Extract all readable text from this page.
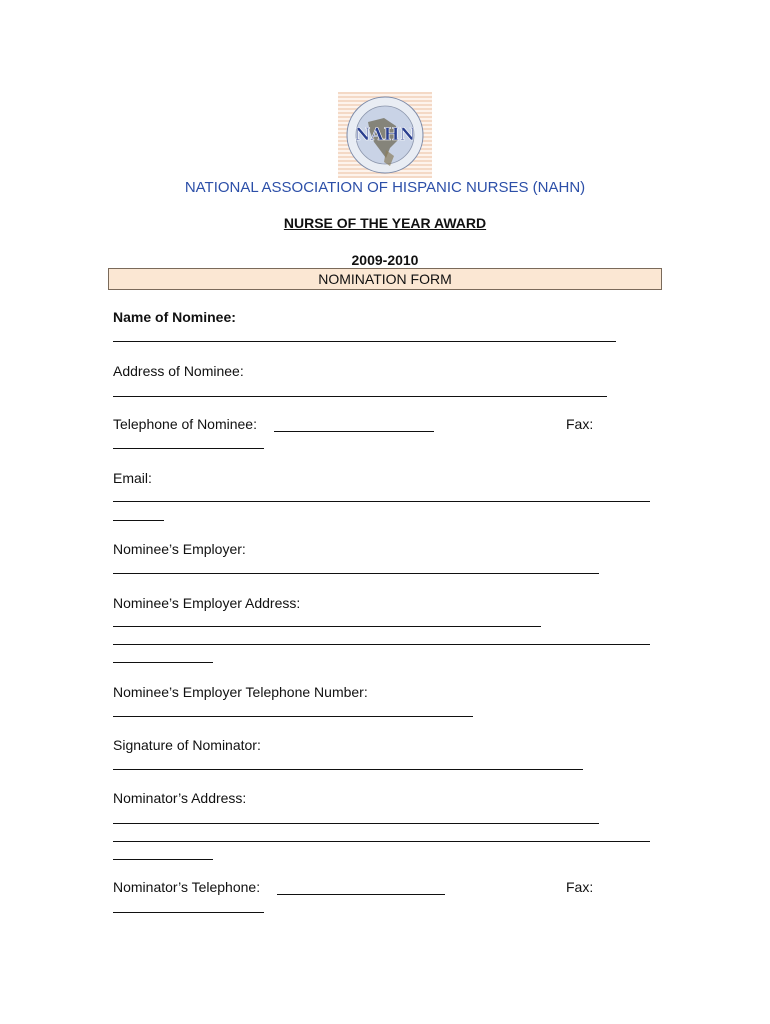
NAHN
NATIONAL ASSOCIATION OF HISPANIC NURSES (NAHN)
NURSE OF THE YEAR AWARD
2009-2010
NOMINATION FORM
Name of Nominee:
Address of Nominee:
Telephone of Nominee:	Fax:
Email:
Nominee’s Employer:
Nominee’s Employer Address:
Nominee’s Employer Telephone Number:
Signature of Nominator:
Nominator’s Address:
Nominator’s Telephone:	Fax:
